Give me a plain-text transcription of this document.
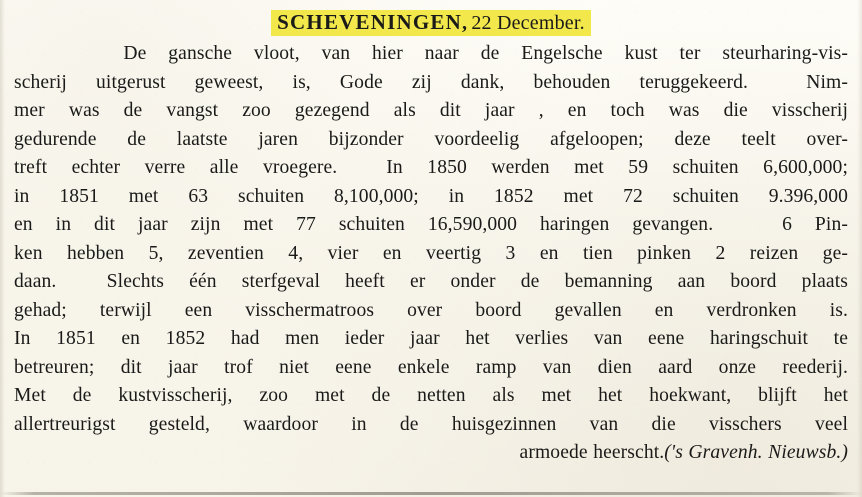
SCHEVENINGEN, 22 December.
De gansche vloot, van hier naar de Engelsche kust ter steurharing-vis-
scherij uitgerust geweest, is, Gode zij dank, behouden teruggekeerd.  Nim-
mer was de vangst zoo gezegend als dit jaar , en toch was die visscherij
gedurende de laatste jaren bijzonder voordeelig afgeloopen; deze teelt over-
treft echter verre alle vroegere.  In 1850 werden met 59 schuiten 6,600,000;
in 1851 met 63 schuiten 8,100,000; in 1852 met 72 schuiten 9.396,000
en in dit jaar zijn met 77 schuiten 16,590,000 haringen gevangen.   6 Pin-
ken hebben 5, zeventien 4, vier en veertig 3 en tien pinken 2 reizen ge-
daan.  Slechts één sterfgeval heeft er onder de bemanning aan boord plaats
gehad; terwijl een visschermatroos over boord gevallen en verdronken is.
In 1851 en 1852 had men ieder jaar het verlies van eene haringschuit te
betreuren; dit jaar trof niet eene enkele ramp van dien aard onze reederij.
Met de kustvisscherij, zoo met de netten als met het hoekwant, blijft het
allertreurigst gesteld, waardoor in de huisgezinnen van die visschers veel
armoede heerscht.('s Gravenh. Nieuwsb.)
